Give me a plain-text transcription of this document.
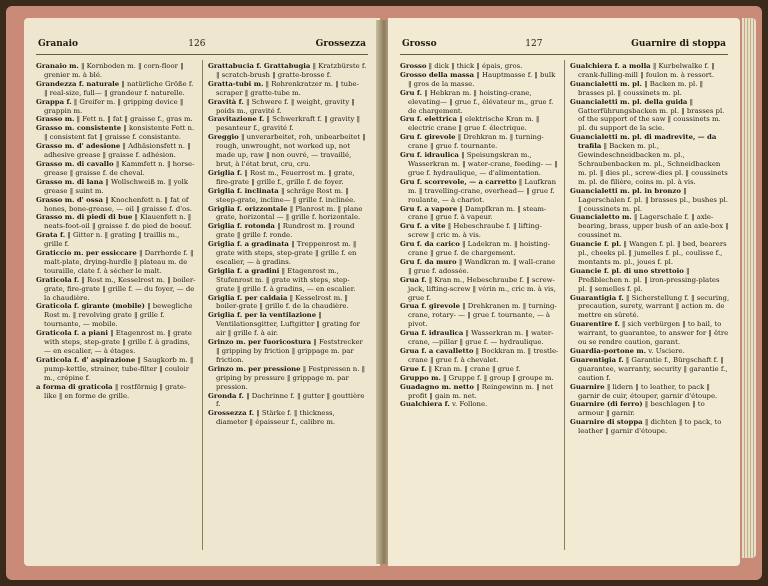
Granaio	126	Grossezza

Granaio m. ‖ Kornboden m. ‖ corn-floor ‖ grenier m. à blé.

Grandezza f. naturale ‖ natürliche Größe f. ‖ real-size, full— ‖ grandeur f. naturelle.

Grappa f. ‖ Greifer m. ‖ gripping device ‖ grappin m.

Grasso m. ‖ Fett n. ‖ fat ‖ graisse f., gras m.

Grasso m. consistente ‖ konsistente Fett n. ‖ consistent fat ‖ graisse f. consistante.

Grasso m. d' adesione ‖ Adhäsionsfett n. ‖ adhesive grease ‖ graisse f. adhésion.

Grasso m. di cavallo ‖ Kammfett n. ‖ horse-grease ‖ graisse f. de cheval.

Grasso m. di lana ‖ Wollschweiß m. ‖ yolk grease ‖ suint m.

Grasso m. d' ossa ‖ Knochenfett n. ‖ fat of hones, bone-grease, — oil ‖ graisse f. d'os.

Grasso m. di piedi di bue ‖ Klauenfett n. ‖ neats-foot-oil ‖ graisse f. de pied de boeuf.

Grata f. ‖ Gitter n. ‖ grating ‖ traillis m., grille f.

Graticcio m. per essiccare ‖ Darrhorde f. ‖ malt-plate, drying-hurdle ‖ plateau m. de touraille, clate f. à sécher le malt.

Graticola f. ‖ Rost m., Kesselrost m. ‖ boiler-grate, fire-grate ‖ grille f. — du foyer, — de la chaudière.

Graticola f. girante (mobile) ‖ bewegliche Rost m. ‖ revolving grate ‖ grille f. tournante, — mobile.

Graticola f. a piani ‖ Etagenrost m. ‖ grate with steps, step-grate ‖ grille f. à gradins, — en escalier, — à étages.

Graticola f. d' aspirazione ‖ Saugkorb m. ‖ pump-kettle, strainer, tube-filter ‖ couloir m., crépine f.

a forma di graticola ‖ rostförmig ‖ grate-like ‖ en forme de grille.

Grattabucia f. Grattabugia ‖ Kratzbürste f. ‖ scratch-brush ‖ gratte-brosse f.

Gratta-tubi m. ‖ Rohrenkratzer m. ‖ tube-scraper ‖ gratte-tube m.

Gravità f. ‖ Schwere f. ‖ weight, gravity ‖ poids m., gravité f.

Gravitazione f. ‖ Schwerkraft f. ‖ gravity ‖ pesanteur f., gravité f.

Greggio ‖ unverarbeitet, roh, unbearbeitet ‖ rough, unwrought, not worked up, not made up, raw ‖ non ouvré, — travaillé, brut, à l'état brut, cru, cru.

Griglia f. ‖ Rost m., Feuerrost m. ‖ grate, fire-grate ‖ grille f., grille f. de foyer.

Griglia f. inclinata ‖ schräge Rost m. ‖ steep-grate, incline— ‖ grille f. inclinée.

Griglia f. orizzontale ‖ Planrost m. ‖ plane grate, horizontal — ‖ grille f. horizontale.

Griglia f. rotonda ‖ Rundrost m. ‖ round grate ‖ grille f. ronde.

Griglia f. a gradinata ‖ Treppenrost m. ‖ grate with steps, step-grate ‖ grille f. en escalier, — à gradins.

Griglia f. a gradini ‖ Etagenrost m., Stufenrost m. ‖ grate with steps, step-grate ‖ grille f. à gradins, — en escalier.

Griglia f. per caldaia ‖ Kesselrost m. ‖ boiler-grate ‖ grille f. de la chaudière.

Griglia f. per la ventilazione ‖ Ventilationsgitter, Luftgitter ‖ grating for air ‖ grille f. à air.

Grinzo m. per fuoricostura ‖ Feststrecker ‖ gripping by friction ‖ grippage m. par friction.

Grinzo m. per pressione ‖ Festpressen n. ‖ griping by pressure ‖ grippage m. par pression.

Gronda f. ‖ Dachrinne f. ‖ gutter ‖ gouttière f.

Grossezza f. ‖ Stärke f. ‖ thickness, diameter ‖ épaisseur f., calibre m.

Grosso	127	Guarnire di stoppa

Grosso ‖ dick ‖ thick ‖ épais, gros.

Grosso della massa ‖ Hauptmasse f. ‖ bulk ‖ gros de la masse.

Gru f. ‖ Hebkran m. ‖ hoisting-crane, elevating— ‖ grue f., élévateur m., grue f. de chargement.

Gru f. elettrica ‖ elektrische Kran m. ‖ electric crane ‖ grue f. électrique.

Gru f. girevole ‖ Drehkran m. ‖ turning-crane ‖ grue f. tournante.

Gru f. idraulica ‖ Speisungskran m., Wasserkran m. ‖ water-crane, feeding- — ‖ grue f. hydraulique, — d'alimentation.

Gru f. scorrevole, — a carretto ‖ Laufkran m. ‖ travelling-crane, overhead— ‖ grue f. roulante, — à chariot.

Gru f. a vapore ‖ Dampfkran m. ‖ steam-crane ‖ grue f. à vapeur.

Gru f. a vite ‖ Hebeschraube f. ‖ lifting-screw ‖ cric m. à vis.

Gru f. da carico ‖ Ladekran m. ‖ hoisting-crane ‖ grue f. de chargement.

Gru f. da muro ‖ Wandkran m. ‖ wall-crane ‖ grue f. adossée.

Grua f. ‖ Kran m., Hebeschraube f. ‖ screw-jack, lifting-screw ‖ vérin m., cric m. à vis, grue f.

Grua f. girevole ‖ Drehkranen m. ‖ turning-crane, rotary- — ‖ grue f. tournante, — à pivot.

Grua f. idraulica ‖ Wasserkran m. ‖ water-crane, —pillar ‖ grue f. — hydraulique.

Grua f. a cavalletto ‖ Bockkran m. ‖ trestle-crane ‖ grue f. à chevalet.

Grue f. ‖ Kran m. ‖ crane ‖ grue f.

Gruppo m. ‖ Gruppe f. ‖ group ‖ groupe m.

Guadagno m. netto ‖ Reingewinn m. ‖ net profit ‖ gain m. net.

Gualchiera f. v. Follone.

Gualchiera f. a molla ‖ Kurbelwalke f. ‖ crank-fulling-mill ‖ foulon m. à ressort.

Guancialetti m. pl. ‖ Backen m. pl. ‖ brasses pl. ‖ coussinets m. pl.

Guancialetti m. pl. della guida ‖ Gatterführungsbacken m. pl. ‖ brasses pl. of the support of the saw ‖ coussinets m. pl. du support de la scie.

Guancialetti m. pl. di madrevite, — da trafila ‖ Backen m. pl., Gewindeschneidbacken m. pl., Schraubenbacken m. pl., Schneidbacken m. pl. ‖ dies pl., screw-dies pl. ‖ coussinets m. pl. de filière, coins m. pl. à vis.

Guancialetti m. pl. in bronzo ‖ Lagerschalen f. pl. ‖ brasses pl., bushes pl. ‖ coussinets m. pl.

Guancialetto m. ‖ Lagerschale f. ‖ axle-bearing, brass, upper bush of an axle-box ‖ coussinet m.

Guancie f. pl. ‖ Wangen f. pl. ‖ bed, bearers pl., cheeks pl. ‖ jumelles f. pl., coulisse f., montants m. pl., joues f. pl.

Guancie f. pl. di uno strettoio ‖ Preßblechen n. pl. ‖ iron-pressing-plates pl. ‖ semelles f. pl.

Guarantigia f. ‖ Sicherstellung f. ‖ securing, precaution, surety, warrant ‖ action m. de mettre en sûreté.

Guarentire f. ‖ sich verbürgen ‖ to bail, to warrant, to guarantee, to answer for ‖ être ou se rendre caution, garant.

Guardia-portone m. v. Usciere.

Guarentigia f. ‖ Garantie f., Bürgschaft f. ‖ guarantee, warranty, security ‖ garantie f., caution f.

Guarnire ‖ lidern ‖ to leather, to pack ‖ garnir de cuir, étouper, garnir d'étoupe.

Guarnire (di ferro) ‖ beschlagen ‖ to armour ‖ garnir.

Guarnire di stoppa ‖ dichten ‖ to pack, to leather ‖ garnir d'étoupe.
